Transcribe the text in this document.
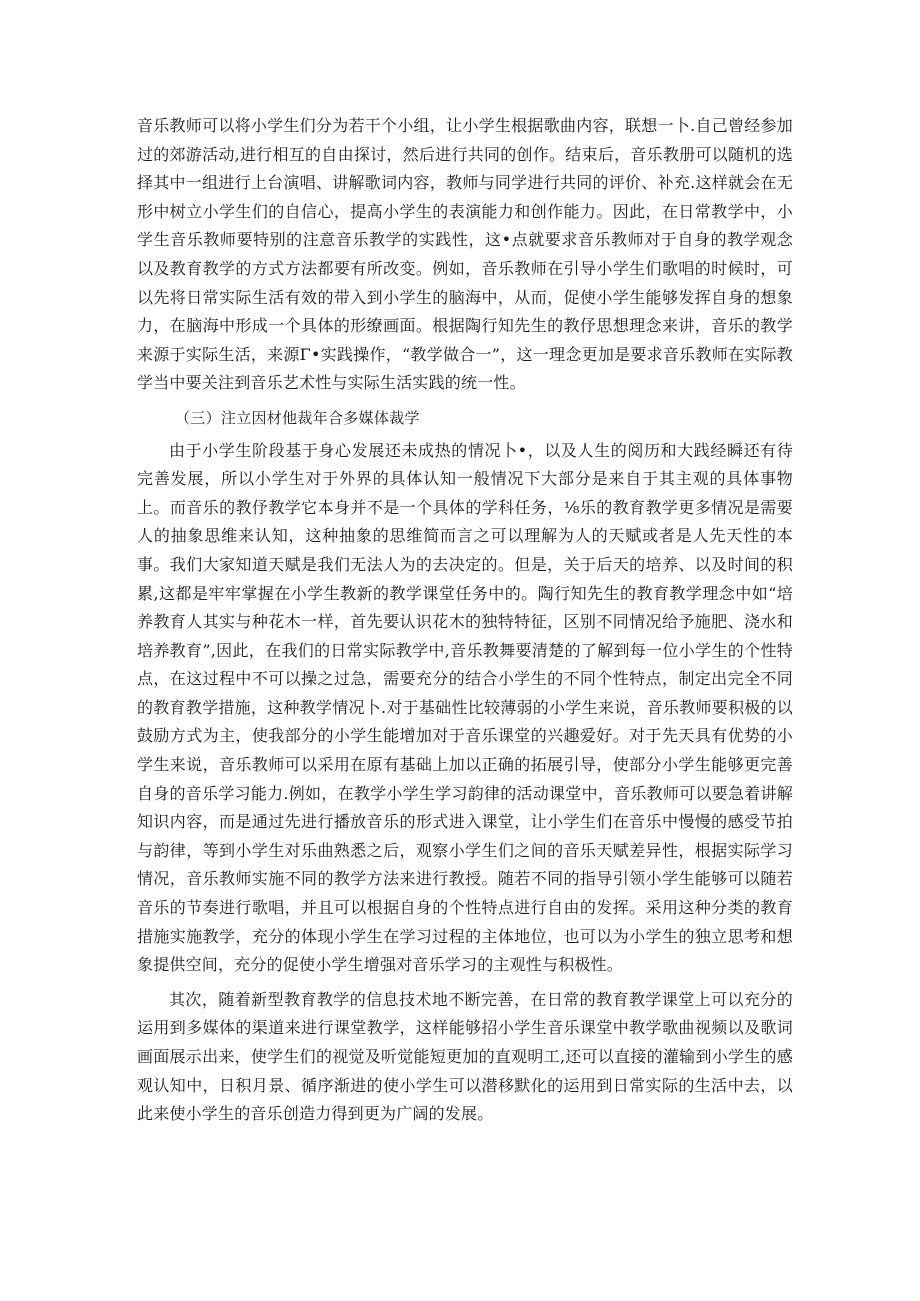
音乐教师可以将小学生们分为若干个小组，让小学生根据歌曲内容，联想一卜.自己曾经参加过的郊游活动,进行相互的自由探讨，然后进行共同的创作。结束后，音乐教册可以随机的选择其中一组进行上台演唱、讲解歌词内容，教师与同学进行共同的评价、补充.这样就会在无形中树立小学生们的自信心，提高小学生的表演能力和创作能力。因此，在日常教学中，小学生音乐教师要特别的注意音乐教学的实践性，这•点就要求音乐教师对于自身的教学观念以及教育教学的方式方法都要有所改变。例如，音乐教师在引导小学生们歌唱的时候时，可以先将日常实际生活有效的带入到小学生的脑海中，从而，促使小学生能够发挥自身的想象力，在脑海中形成一个具体的形缭画面。根据陶行知先生的教伃思想理念来讲，音乐的教学来源于实际生活，来源Γ•实践操作，“教学做合一”，这一理念更加是要求音乐教师在实际教学当中要关注到音乐艺术性与实际生活实践的统一性。

（三）注立因材他裁年合多媒体裁学

由于小学生阶段基于身心发展还未成热的情况卜•，以及人生的阅历和大践经瞬还有待完善发展，所以小学生对于外界的具体认知一般情况下大部分是来自于其主观的具体事物上。而音乐的教伃教学它本身并不是一个具体的学科任务，⅛乐的教育教学更多情况是需要人的抽象思维来认知，这种抽象的思维简而言之可以理解为人的天赋或者是人先天性的本事。我们大家知道天赋是我们无法人为的去决定的。但是，关于后天的培养、以及时间的积累,这都是牢牢掌握在小学生教新的教学课堂任务中的。陶行知先生的教育教学理念中如“培养教育人其实与种花木一样，首先要认识花木的独特特征，区别不同情况给予施肥、浇水和培养教育”,因此，在我们的日常实际教学中,音乐教舞要清楚的了解到每一位小学生的个性特点，在这过程中不可以操之过急，需要充分的结合小学生的不同个性特点，制定出完全不同的教育教学措施，这种教学情况卜.对于基础性比较薄弱的小学生来说，音乐教师要积极的以鼓励方式为主，使我部分的小学生能增加对于音乐课堂的兴趣爱好。对于先天具有优势的小学生来说，音乐教师可以采用在原有基础上加以正确的拓展引导，使部分小学生能够更完善自身的音乐学习能力.例如，在教学小学生学习韵律的活动课堂中，音乐教师可以要急着讲解知识内容，而是通过先进行播放音乐的形式进入课堂，让小学生们在音乐中慢慢的感受节拍与韵律，等到小学生对乐曲熟悉之后，观察小学生们之间的音乐天赋差异性，根据实际学习情况，音乐教师实施不同的教学方法来进行教授。随若不同的指导引领小学生能够可以随若音乐的节奏进行歌唱，并且可以根据自身的个性特点进行自由的发挥。采用这种分类的教育措施实施教学，充分的体现小学生在学习过程的主体地位，也可以为小学生的独立思考和想象提供空间，充分的促使小学生增强对音乐学习的主观性与积极性。

其次，随着新型教育教学的信息技术地不断完善，在日常的教育教学课堂上可以充分的运用到多媒体的渠道来进行课堂教学，这样能够招小学生音乐课堂中教学歌曲视频以及歌词画面展示出来，使学生们的视觉及听觉能短更加的直观明工,还可以直接的灌输到小学生的感观认知中，日积月景、循序渐进的使小学生可以潜移默化的运用到日常实际的生活中去，以此来使小学生的音乐创造力得到更为广阔的发展。
